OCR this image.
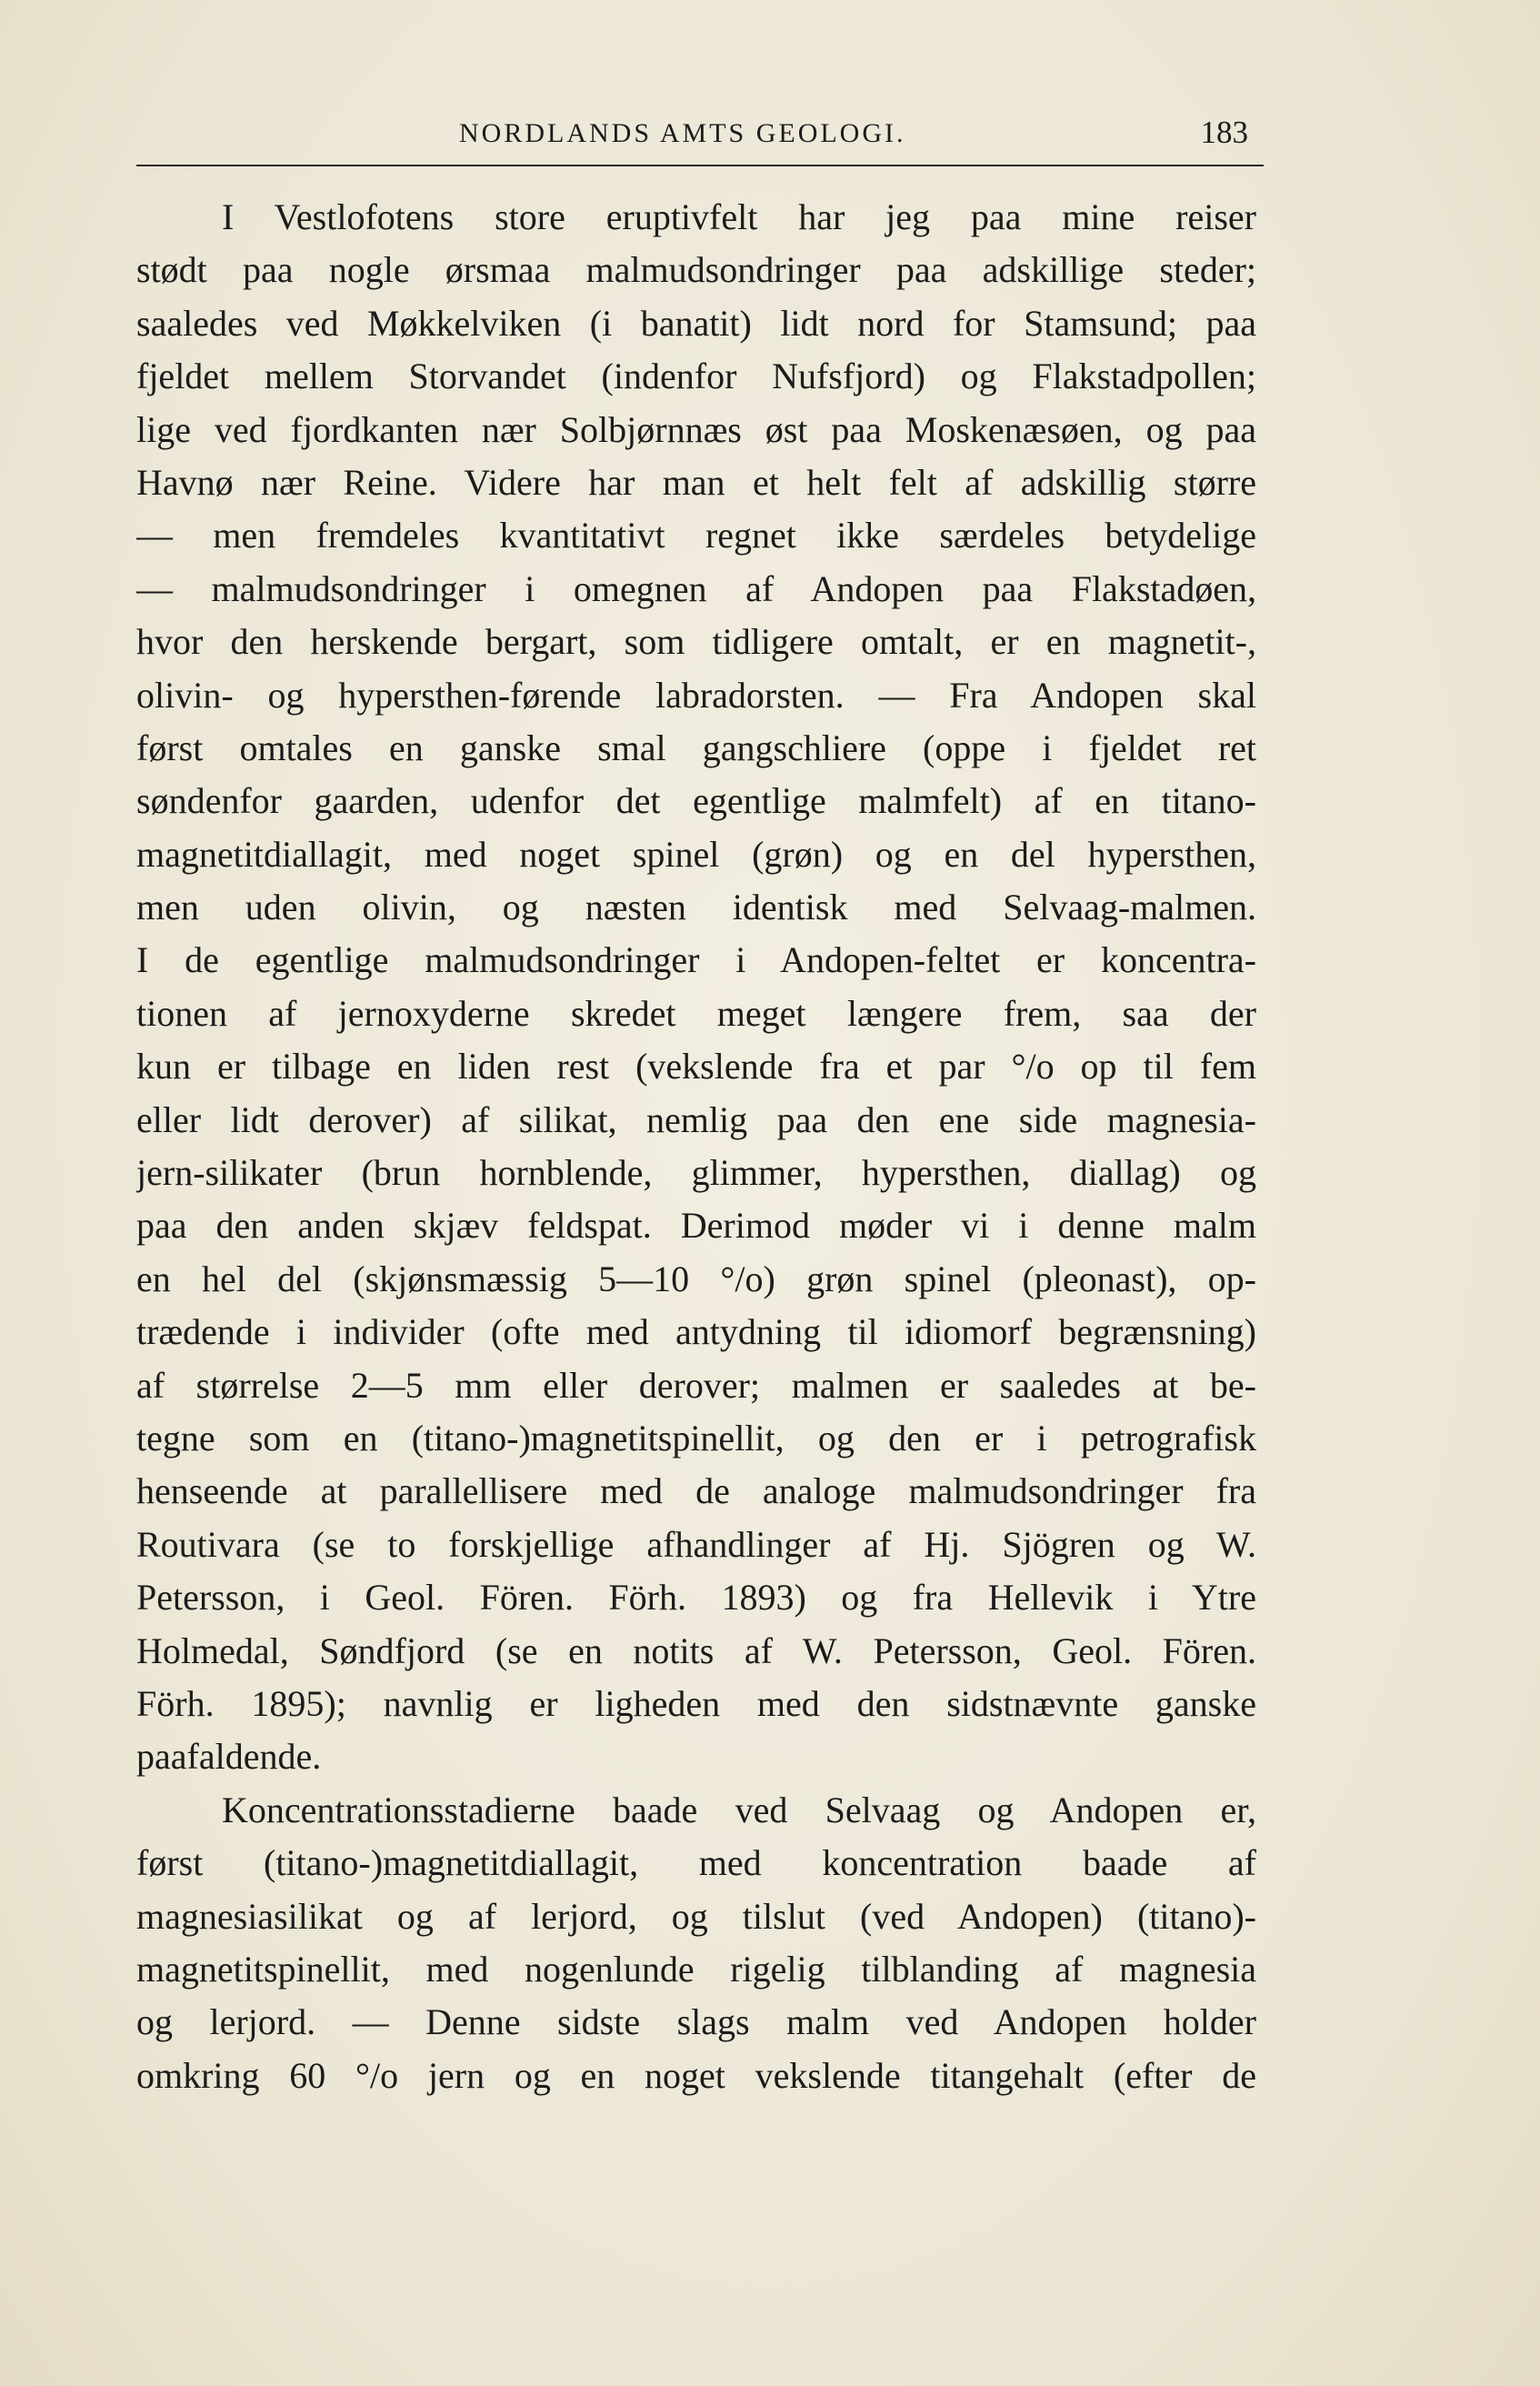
NORDLANDS AMTS GEOLOGI.	183
I Vestlofotens store eruptivfelt har jeg paa mine reiser
stødt paa nogle ørsmaa malmudsondringer paa adskillige steder;
saaledes ved Møkkelviken (i banatit) lidt nord for Stamsund; paa
fjeldet mellem Storvandet (indenfor Nufsfjord) og Flakstadpollen;
lige ved fjordkanten nær Solbjørnnæs øst paa Moskenæsøen, og paa
Havnø nær Reine. Videre har man et helt felt af adskillig større
— men fremdeles kvantitativt regnet ikke særdeles betydelige
— malmudsondringer i omegnen af Andopen paa Flakstadøen,
hvor den herskende bergart, som tidligere omtalt, er en magnetit-,
olivin- og hypersthen-førende labradorsten. — Fra Andopen skal
først omtales en ganske smal gangschliere (oppe i fjeldet ret
søndenfor gaarden, udenfor det egentlige malmfelt) af en titano-
magnetitdiallagit, med noget spinel (grøn) og en del hypersthen,
men uden olivin, og næsten identisk med Selvaag-malmen.
I de egentlige malmudsondringer i Andopen-feltet er koncentra-
tionen af jernoxyderne skredet meget længere frem, saa der
kun er tilbage en liden rest (vekslende fra et par °/o op til fem
eller lidt derover) af silikat, nemlig paa den ene side magnesia-
jern-silikater (brun hornblende, glimmer, hypersthen, diallag) og
paa den anden skjæv feldspat. Derimod møder vi i denne malm
en hel del (skjønsmæssig 5—10 °/o) grøn spinel (pleonast), op-
trædende i individer (ofte med antydning til idiomorf begrænsning)
af størrelse 2—5 mm eller derover; malmen er saaledes at be-
tegne som en (titano-)magnetitspinellit, og den er i petrografisk
henseende at parallellisere med de analoge malmudsondringer fra
Routivara (se to forskjellige afhandlinger af Hj. Sjögren og W.
Petersson, i Geol. Fören. Förh. 1893) og fra Hellevik i Ytre
Holmedal, Søndfjord (se en notits af W. Petersson, Geol. Fören.
Förh. 1895); navnlig er ligheden med den sidstnævnte ganske
paafaldende.
Koncentrationsstadierne baade ved Selvaag og Andopen er,
først (titano-)magnetitdiallagit, med koncentration baade af
magnesiasilikat og af lerjord, og tilslut (ved Andopen) (titano)-
magnetitspinellit, med nogenlunde rigelig tilblanding af magnesia
og lerjord. — Denne sidste slags malm ved Andopen holder
omkring 60 °/o jern og en noget vekslende titangehalt (efter de
